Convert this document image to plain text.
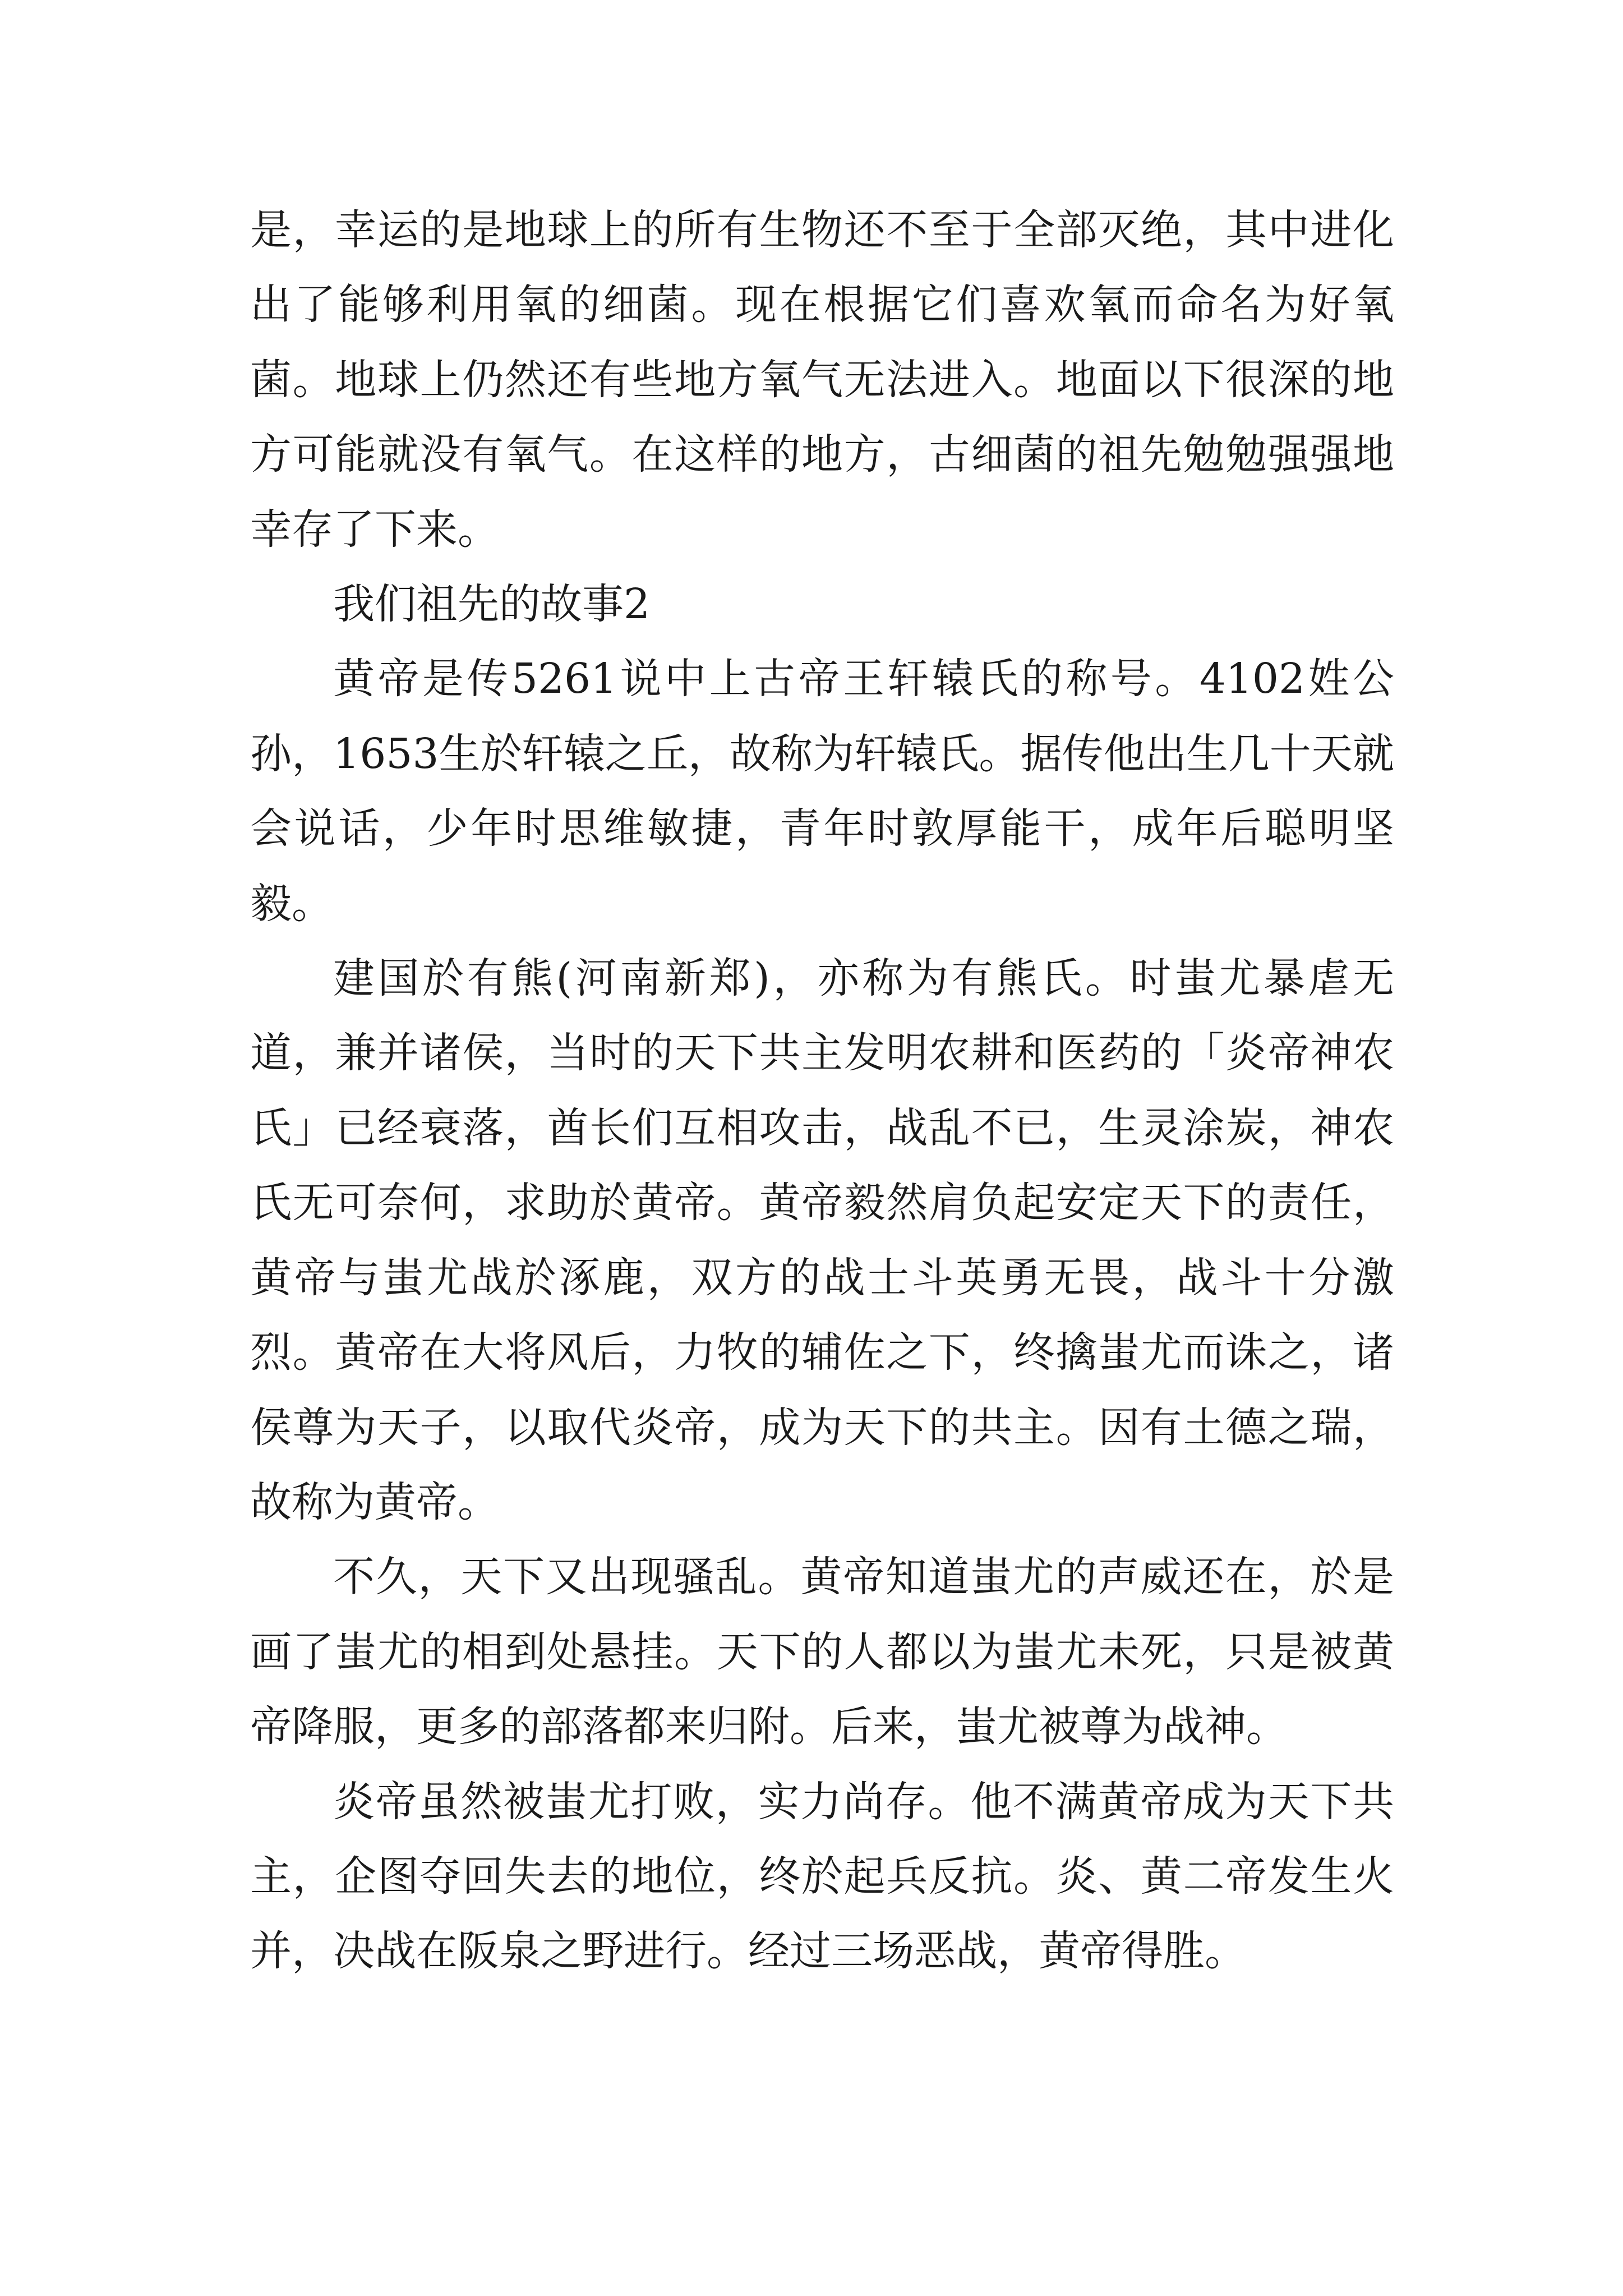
是，幸运的是地球上的所有生物还不至于全部灭绝，其中进化出了能够利用氧的细菌。现在根据它们喜欢氧而命名为好氧菌。地球上仍然还有些地方氧气无法进入。地面以下很深的地方可能就没有氧气。在这样的地方，古细菌的祖先勉勉强强地幸存了下来。

我们祖先的故事2

黄帝是传5261说中上古帝王轩辕氏的称号。4102姓公孙，1653生於轩辕之丘，故称为轩辕氏。据传他出生几十天就会说话，少年时思维敏捷，青年时敦厚能干，成年后聪明坚毅。

建国於有熊(河南新郑)，亦称为有熊氏。时蚩尤暴虐无道，兼并诸侯，当时的天下共主发明农耕和医药的「炎帝神农氏」已经衰落，酋长们互相攻击，战乱不已，生灵涂炭，神农氏无可奈何，求助於黄帝。黄帝毅然肩负起安定天下的责任，黄帝与蚩尤战於涿鹿，双方的战士斗英勇无畏，战斗十分激烈。黄帝在大将风后，力牧的辅佐之下，终擒蚩尤而诛之，诸侯尊为天子，以取代炎帝，成为天下的共主。因有土德之瑞，故称为黄帝。

不久，天下又出现骚乱。黄帝知道蚩尤的声威还在，於是画了蚩尤的相到处悬挂。天下的人都以为蚩尤未死，只是被黄帝降服，更多的部落都来归附。后来，蚩尤被尊为战神。

炎帝虽然被蚩尤打败，实力尚存。他不满黄帝成为天下共主，企图夺回失去的地位，终於起兵反抗。炎、黄二帝发生火并，决战在阪泉之野进行。经过三场恶战，黄帝得胜。
